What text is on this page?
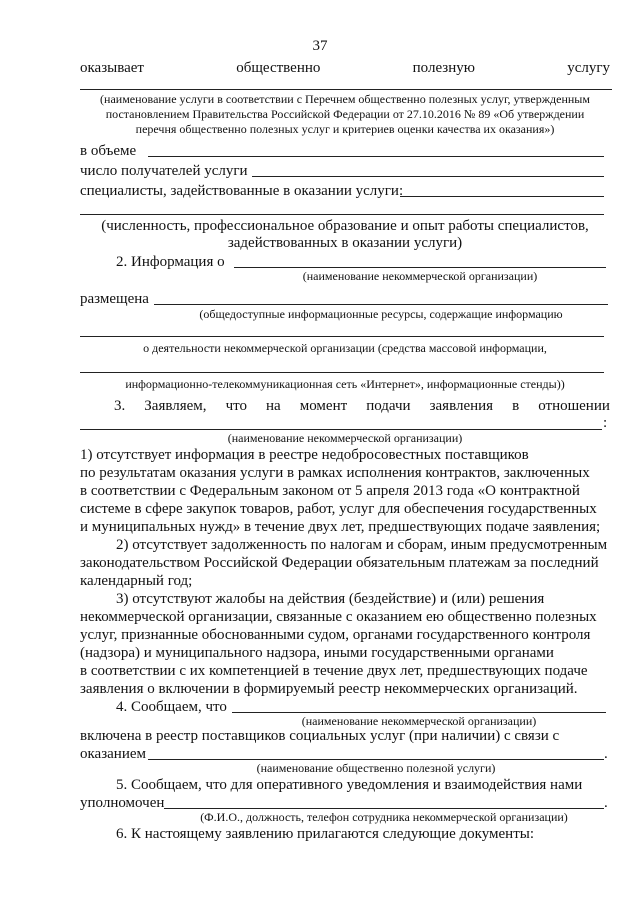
37
оказывает	общественно	полезную	услугу
(наименование услуги в соответствии с Перечнем общественно полезных услуг, утвержденным
постановлением Правительства Российской Федерации от 27.10.2016 № 89 «Об утверждении
перечня общественно полезных услуг и критериев оценки качества их оказания»)
в объеме
число получателей услуги
специалисты, задействованные в оказании услуги:
(численность, профессиональное образование и опыт работы специалистов,
задействованных в оказании услуги)
2. Информация о
(наименование некоммерческой организации)
размещена
(общедоступные информационные ресурсы, содержащие информацию
о деятельности некоммерческой организации (средства массовой информации,
информационно-телекоммуникационная сеть «Интернет», информационные стенды))
3. Заявляем, что на момент подачи заявления в отношении
:
(наименование некоммерческой организации)
1) отсутствует информация в реестре недобросовестных поставщиков
по результатам оказания услуги в рамках исполнения контрактов, заключенных
в соответствии с Федеральным законом от 5 апреля 2013 года «О контрактной
системе в сфере закупок товаров, работ, услуг для обеспечения государственных
и муниципальных нужд» в течение двух лет, предшествующих подаче заявления;
2) отсутствует задолженность по налогам и сборам, иным предусмотренным
законодательством Российской Федерации обязательным платежам за последний
календарный год;
3) отсутствуют жалобы на действия (бездействие) и (или) решения
некоммерческой организации, связанные с оказанием ею общественно полезных
услуг, признанные обоснованными судом, органами государственного контроля
(надзора) и муниципального надзора, иными государственными органами
в соответствии с их компетенцией в течение двух лет, предшествующих подаче
заявления о включении в формируемый реестр некоммерческих организаций.
4. Сообщаем, что
(наименование некоммерческой организации)
включена в реестр поставщиков социальных услуг (при наличии) с связи с
оказанием	.
(наименование общественно полезной услуги)
5. Сообщаем, что для оперативного уведомления и взаимодействия нами
уполномочен	.
(Ф.И.О., должность, телефон сотрудника некоммерческой организации)
6. К настоящему заявлению прилагаются следующие документы:
